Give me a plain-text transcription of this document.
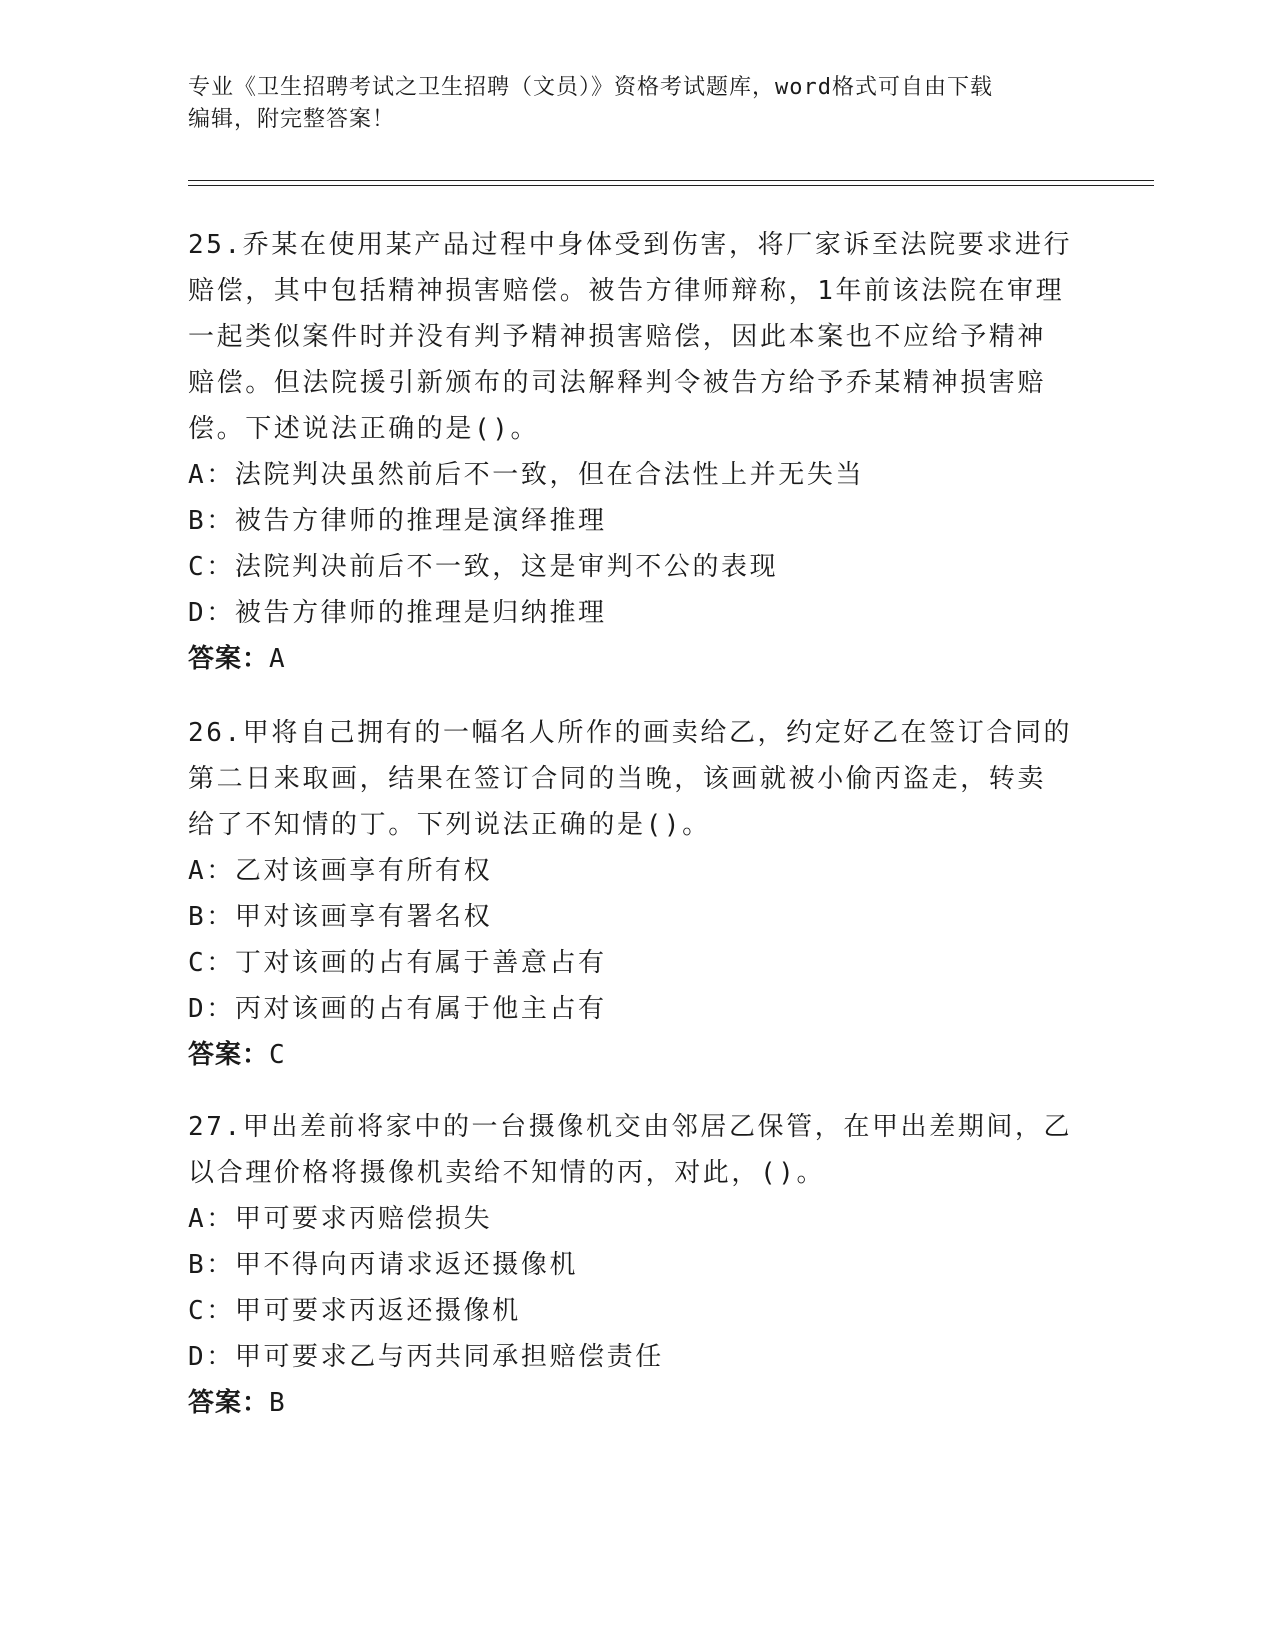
专业《卫生招聘考试之卫生招聘（文员）》资格考试题库，word格式可自由下载
编辑，附完整答案！
25.乔某在使用某产品过程中身体受到伤害，将厂家诉至法院要求进行
赔偿，其中包括精神损害赔偿。被告方律师辩称，1年前该法院在审理
一起类似案件时并没有判予精神损害赔偿，因此本案也不应给予精神
赔偿。但法院援引新颁布的司法解释判令被告方给予乔某精神损害赔
偿。下述说法正确的是()。
A：法院判决虽然前后不一致，但在合法性上并无失当
B：被告方律师的推理是演绎推理
C：法院判决前后不一致，这是审判不公的表现
D：被告方律师的推理是归纳推理
答案：A
26.甲将自己拥有的一幅名人所作的画卖给乙，约定好乙在签订合同的
第二日来取画，结果在签订合同的当晚，该画就被小偷丙盗走，转卖
给了不知情的丁。下列说法正确的是()。
A：乙对该画享有所有权
B：甲对该画享有署名权
C：丁对该画的占有属于善意占有
D：丙对该画的占有属于他主占有
答案：C
27.甲出差前将家中的一台摄像机交由邻居乙保管，在甲出差期间，乙
以合理价格将摄像机卖给不知情的丙，对此，()。
A：甲可要求丙赔偿损失
B：甲不得向丙请求返还摄像机
C：甲可要求丙返还摄像机
D：甲可要求乙与丙共同承担赔偿责任
答案：B
